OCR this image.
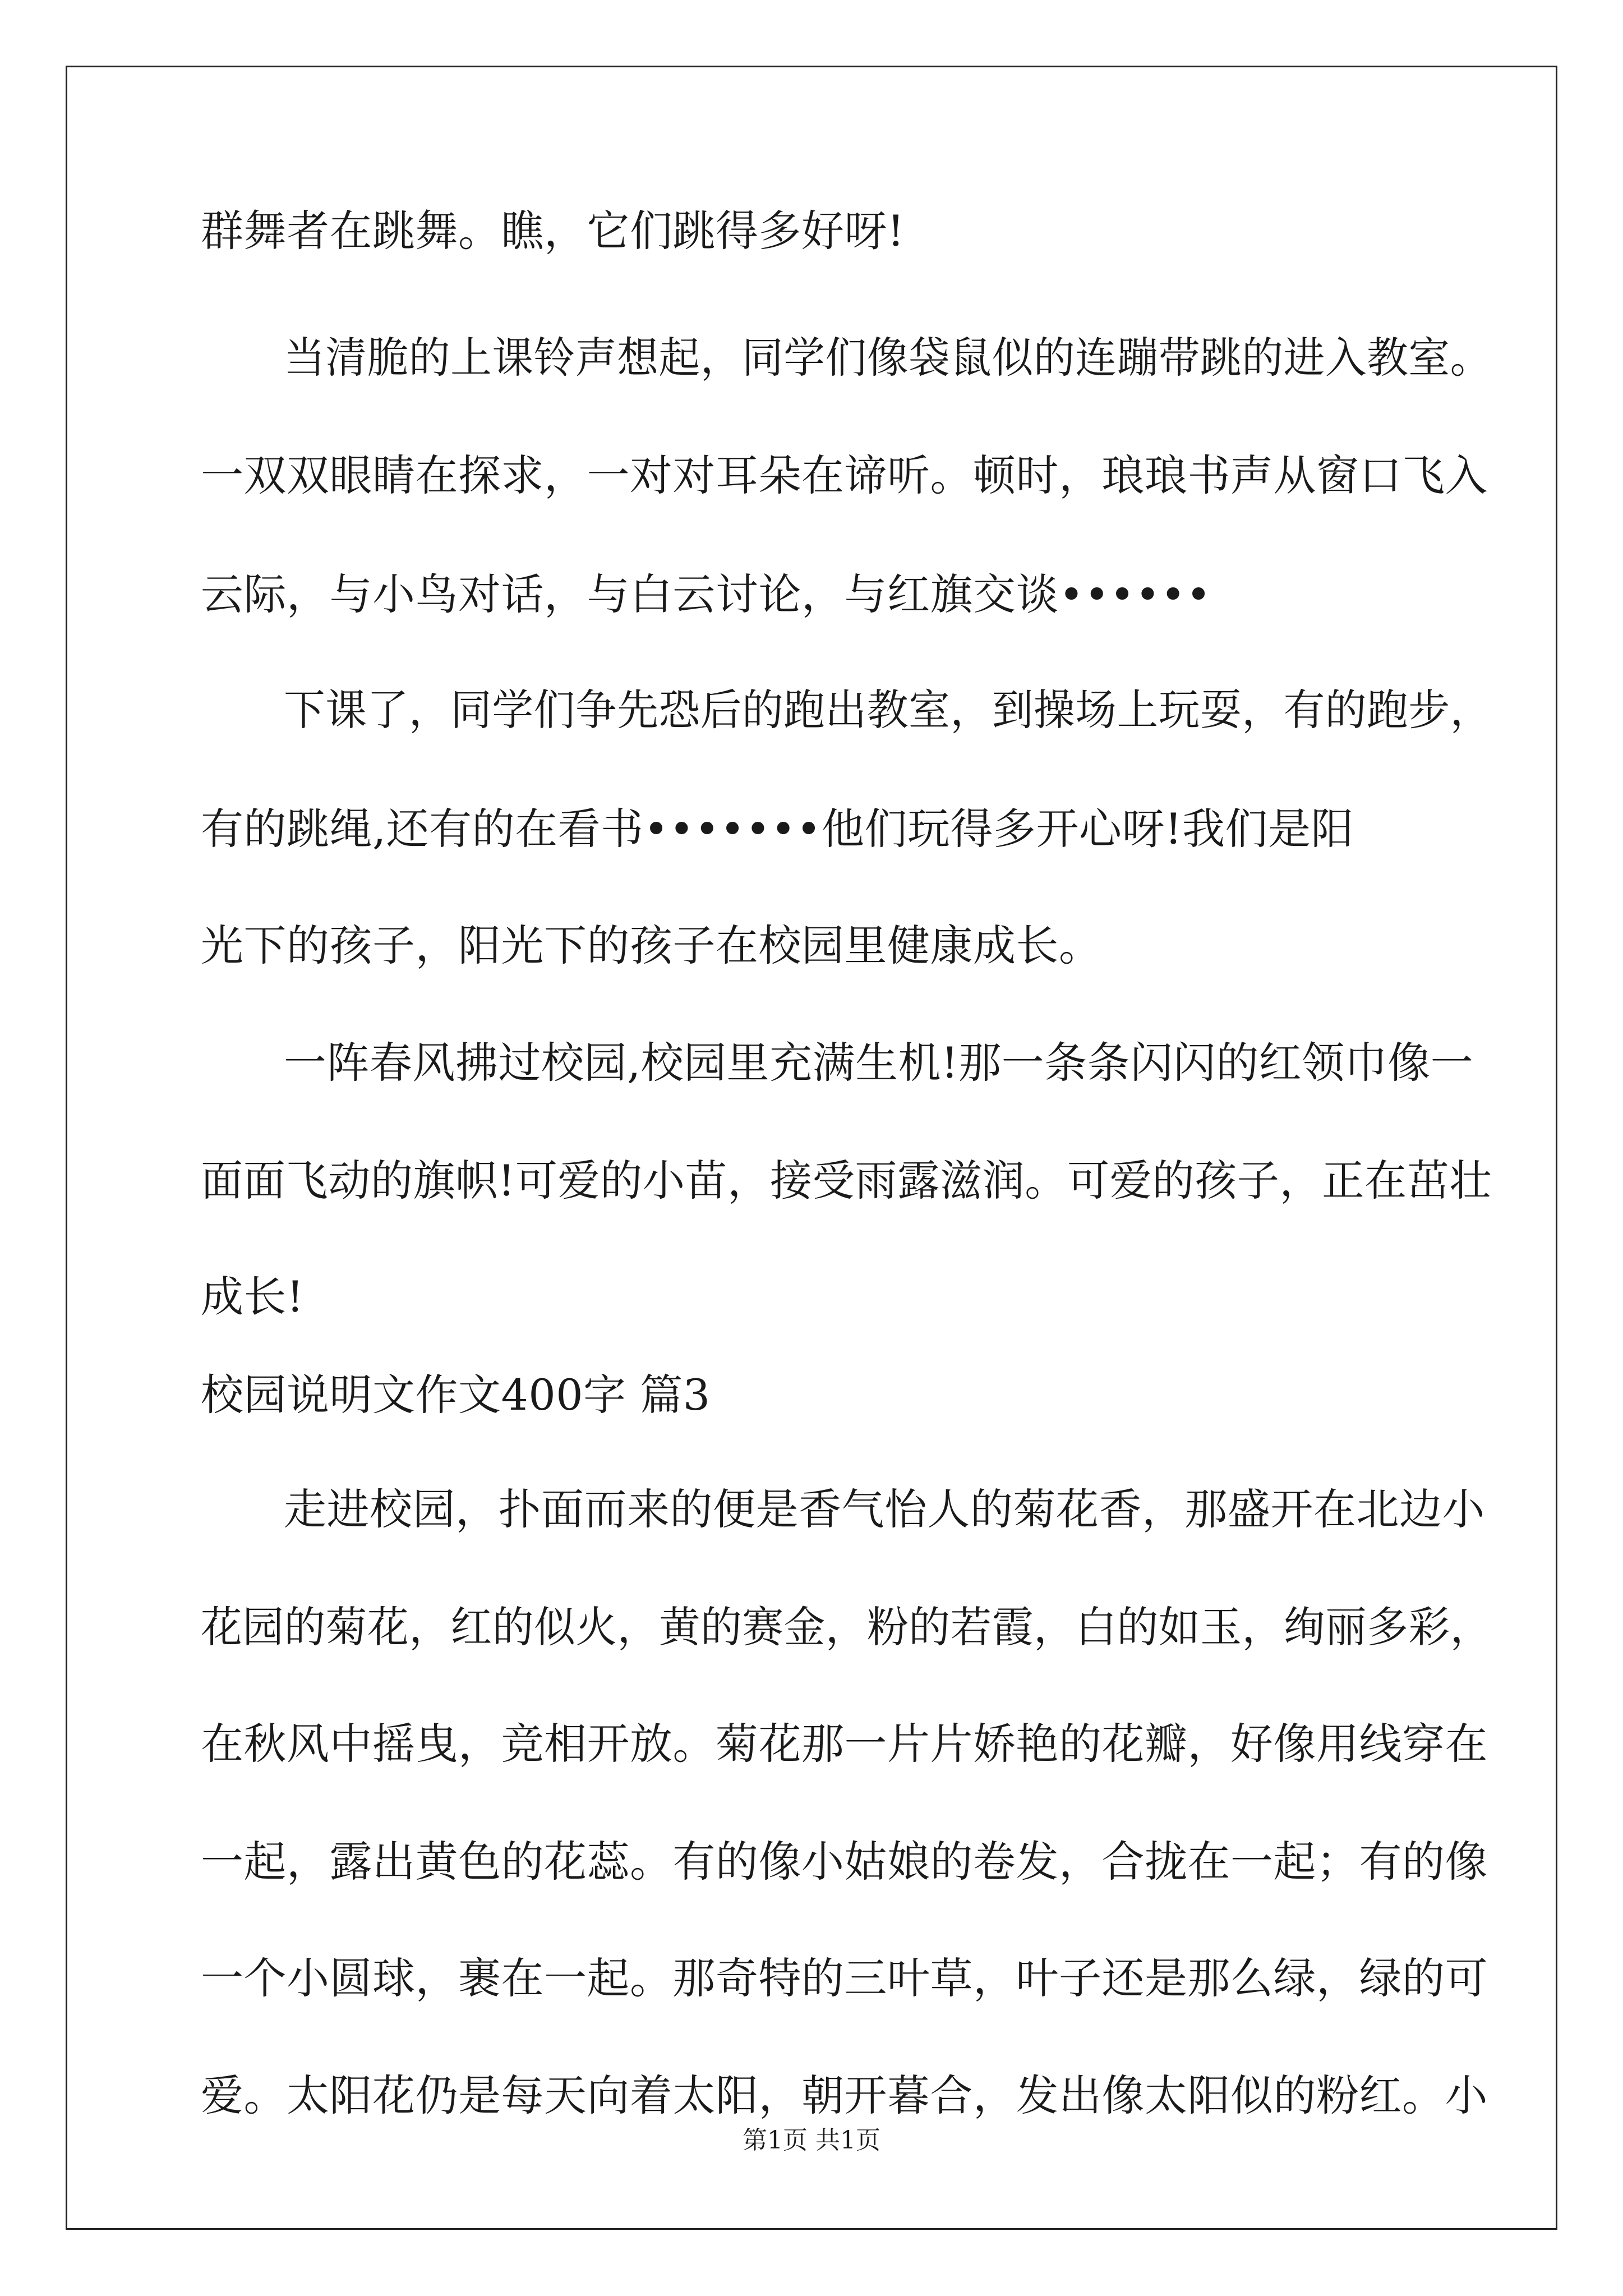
群舞者在跳舞。瞧，它们跳得多好呀!

当清脆的上课铃声想起，同学们像袋鼠似的连蹦带跳的进入教室。

一双双眼睛在探求，一对对耳朵在谛听。顿时，琅琅书声从窗口飞入

云际，与小鸟对话，与白云讨论，与红旗交谈••••••

下课了，同学们争先恐后的跑出教室，到操场上玩耍，有的跑步，

有的跳绳,还有的在看书•••••••他们玩得多开心呀!我们是阳

光下的孩子，阳光下的孩子在校园里健康成长。

一阵春风拂过校园,校园里充满生机!那一条条闪闪的红领巾像一

面面飞动的旗帜!可爱的小苗，接受雨露滋润。可爱的孩子，正在茁壮

成长!

校园说明文作文400字 篇3

走进校园，扑面而来的便是香气怡人的菊花香，那盛开在北边小

花园的菊花，红的似火，黄的赛金，粉的若霞，白的如玉，绚丽多彩，

在秋风中摇曳，竞相开放。菊花那一片片娇艳的花瓣，好像用线穿在

一起，露出黄色的花蕊。有的像小姑娘的卷发，合拢在一起；有的像

一个小圆球，裹在一起。那奇特的三叶草，叶子还是那么绿，绿的可

爱。太阳花仍是每天向着太阳，朝开暮合，发出像太阳似的粉红。小

第1页 共1页
